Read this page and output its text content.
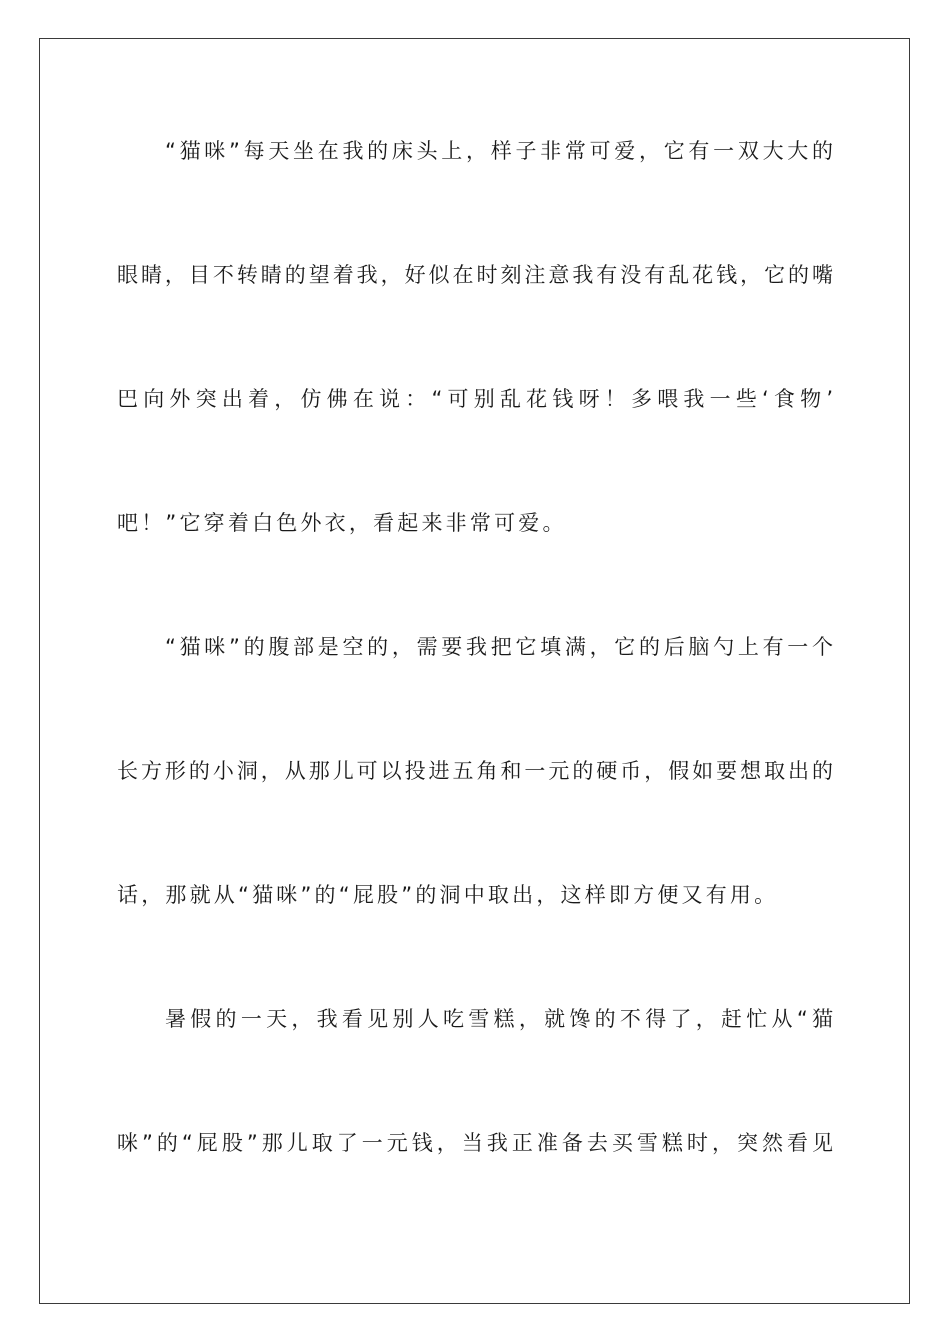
“猫咪”每天坐在我的床头上，样子非常可爱，它有一双大大的
眼睛，目不转睛的望着我，好似在时刻注意我有没有乱花钱，它的嘴
巴向外突出着，仿佛在说：“可别乱花钱呀！多喂我一些‘食物’
吧！”它穿着白色外衣，看起来非常可爱。
“猫咪”的腹部是空的，需要我把它填满，它的后脑勺上有一个
长方形的小洞，从那儿可以投进五角和一元的硬币，假如要想取出的
话，那就从“猫咪”的“屁股”的洞中取出，这样即方便又有用。
暑假的一天，我看见别人吃雪糕，就馋的不得了，赶忙从“猫
咪”的“屁股”那儿取了一元钱，当我正准备去买雪糕时，突然看见
